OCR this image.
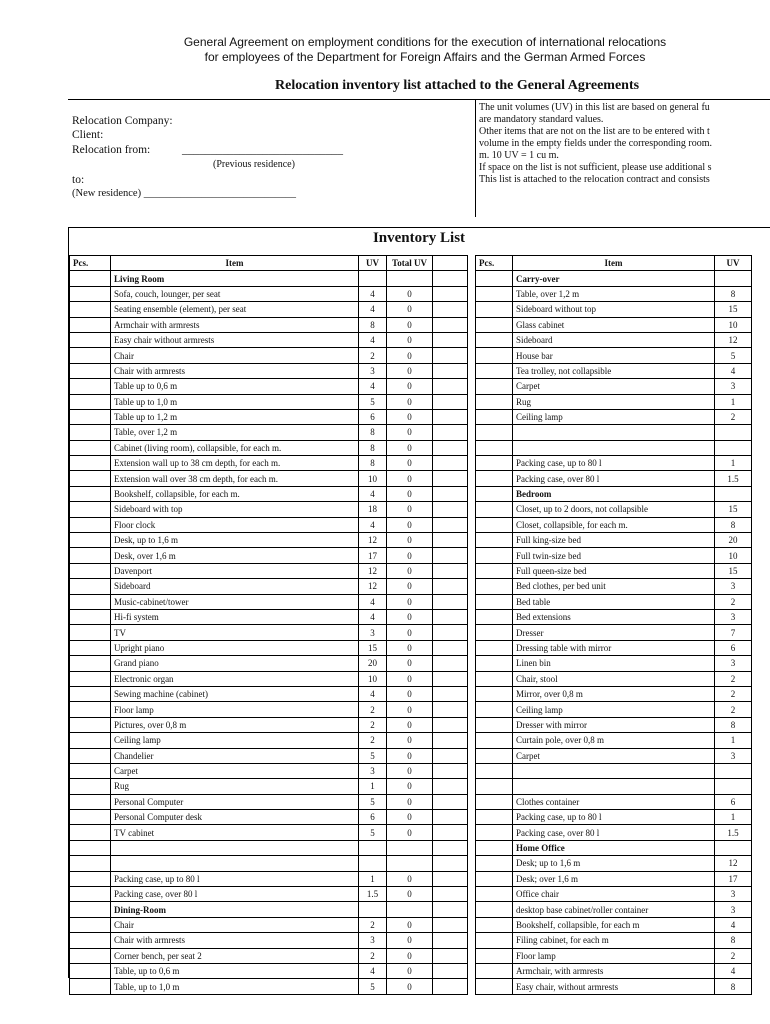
General Agreement on employment conditions for the execution of international relocations
for employees of the Department for Foreign Affairs and the German Armed Forces
Relocation inventory list attached to the General Agreements
Relocation Company:
Client:
Relocation from:	____________________________
(Previous residence)
to:
(New residence) _____________________________
The unit volumes (UV) in this list are based on general fu
are mandatory standard values.
Other items that are not on the list are to be entered with t
volume in the empty fields under the corresponding room.
m. 10 UV = 1 cu m.
If space on the list is not sufficient, please use additional s
This list is attached to the relocation contract and consists
Inventory List
Pcs.	Item	UV	Total UV	
	Living Room			
	Sofa, couch, lounger, per seat	4	0	
	Seating ensemble (element), per seat	4	0	
	Armchair with armrests	8	0	
	Easy chair without armrests	4	0	
	Chair	2	0	
	Chair with armrests	3	0	
	Table up to 0,6 m	4	0	
	Table up to 1,0 m	5	0	
	Table up to 1,2 m	6	0	
	Table, over 1,2 m	8	0	
	Cabinet (living room), collapsible, for each m.	8	0	
	Extension wall up to 38 cm depth, for each m.	8	0	
	Extension wall over 38 cm depth, for each m.	10	0	
	Bookshelf, collapsible, for each m.	4	0	
	Sideboard with top	18	0	
	Floor clock	4	0	
	Desk, up to 1,6 m	12	0	
	Desk, over 1,6 m	17	0	
	Davenport	12	0	
	Sideboard	12	0	
	Music-cabinet/tower	4	0	
	Hi-fi system	4	0	
	TV	3	0	
	Upright piano	15	0	
	Grand piano	20	0	
	Electronic organ	10	0	
	Sewing machine (cabinet)	4	0	
	Floor lamp	2	0	
	Pictures, over 0,8 m	2	0	
	Ceiling lamp	2	0	
	Chandelier	5	0	
	Carpet	3	0	
	Rug	1	0	
	Personal Computer	5	0	
	Personal Computer desk	6	0	
	TV cabinet	5	0	

	Packing case, up to 80 l	1	0	
	Packing case, over 80 l	1.5	0	
	Dining-Room			
	Chair	2	0	
	Chair with armrests	3	0	
	Corner bench, per seat 2	2	0	
	Table, up to 0,6 m	4	0	
	Table, up to 1,0 m	5	0	
Pcs.	Item	UV
	Carry-over	
	Table, over 1,2 m	8
	Sideboard without top	15
	Glass cabinet	10
	Sideboard	12
	House bar	5
	Tea trolley, not collapsible	4
	Carpet	3
	Rug	1
	Ceiling lamp	2

	Packing case, up to 80 l	1
	Packing case, over 80 l	1.5
	Bedroom	
	Closet, up to 2 doors, not collapsible	15
	Closet, collapsible, for each m.	8
	Full king-size bed	20
	Full twin-size bed	10
	Full queen-size bed	15
	Bed clothes, per bed unit	3
	Bed table	2
	Bed extensions	3
	Dresser	7
	Dressing table with mirror	6
	Linen bin	3
	Chair, stool	2
	Mirror, over 0,8 m	2
	Ceiling lamp	2
	Dresser with mirror	8
	Curtain pole, over 0,8 m	1
	Carpet	3

	Clothes container	6
	Packing case, up to 80 l	1
	Packing case, over 80 l	1.5
	Home Office	
	Desk; up to 1,6 m	12
	Desk; over 1,6 m	17
	Office chair	3
	desktop base cabinet/roller container	3
	Bookshelf, collapsible, for each m	4
	Filing cabinet, for each m	8
	Floor lamp	2
	Armchair, with armrests	4
	Easy chair, without armrests	8
